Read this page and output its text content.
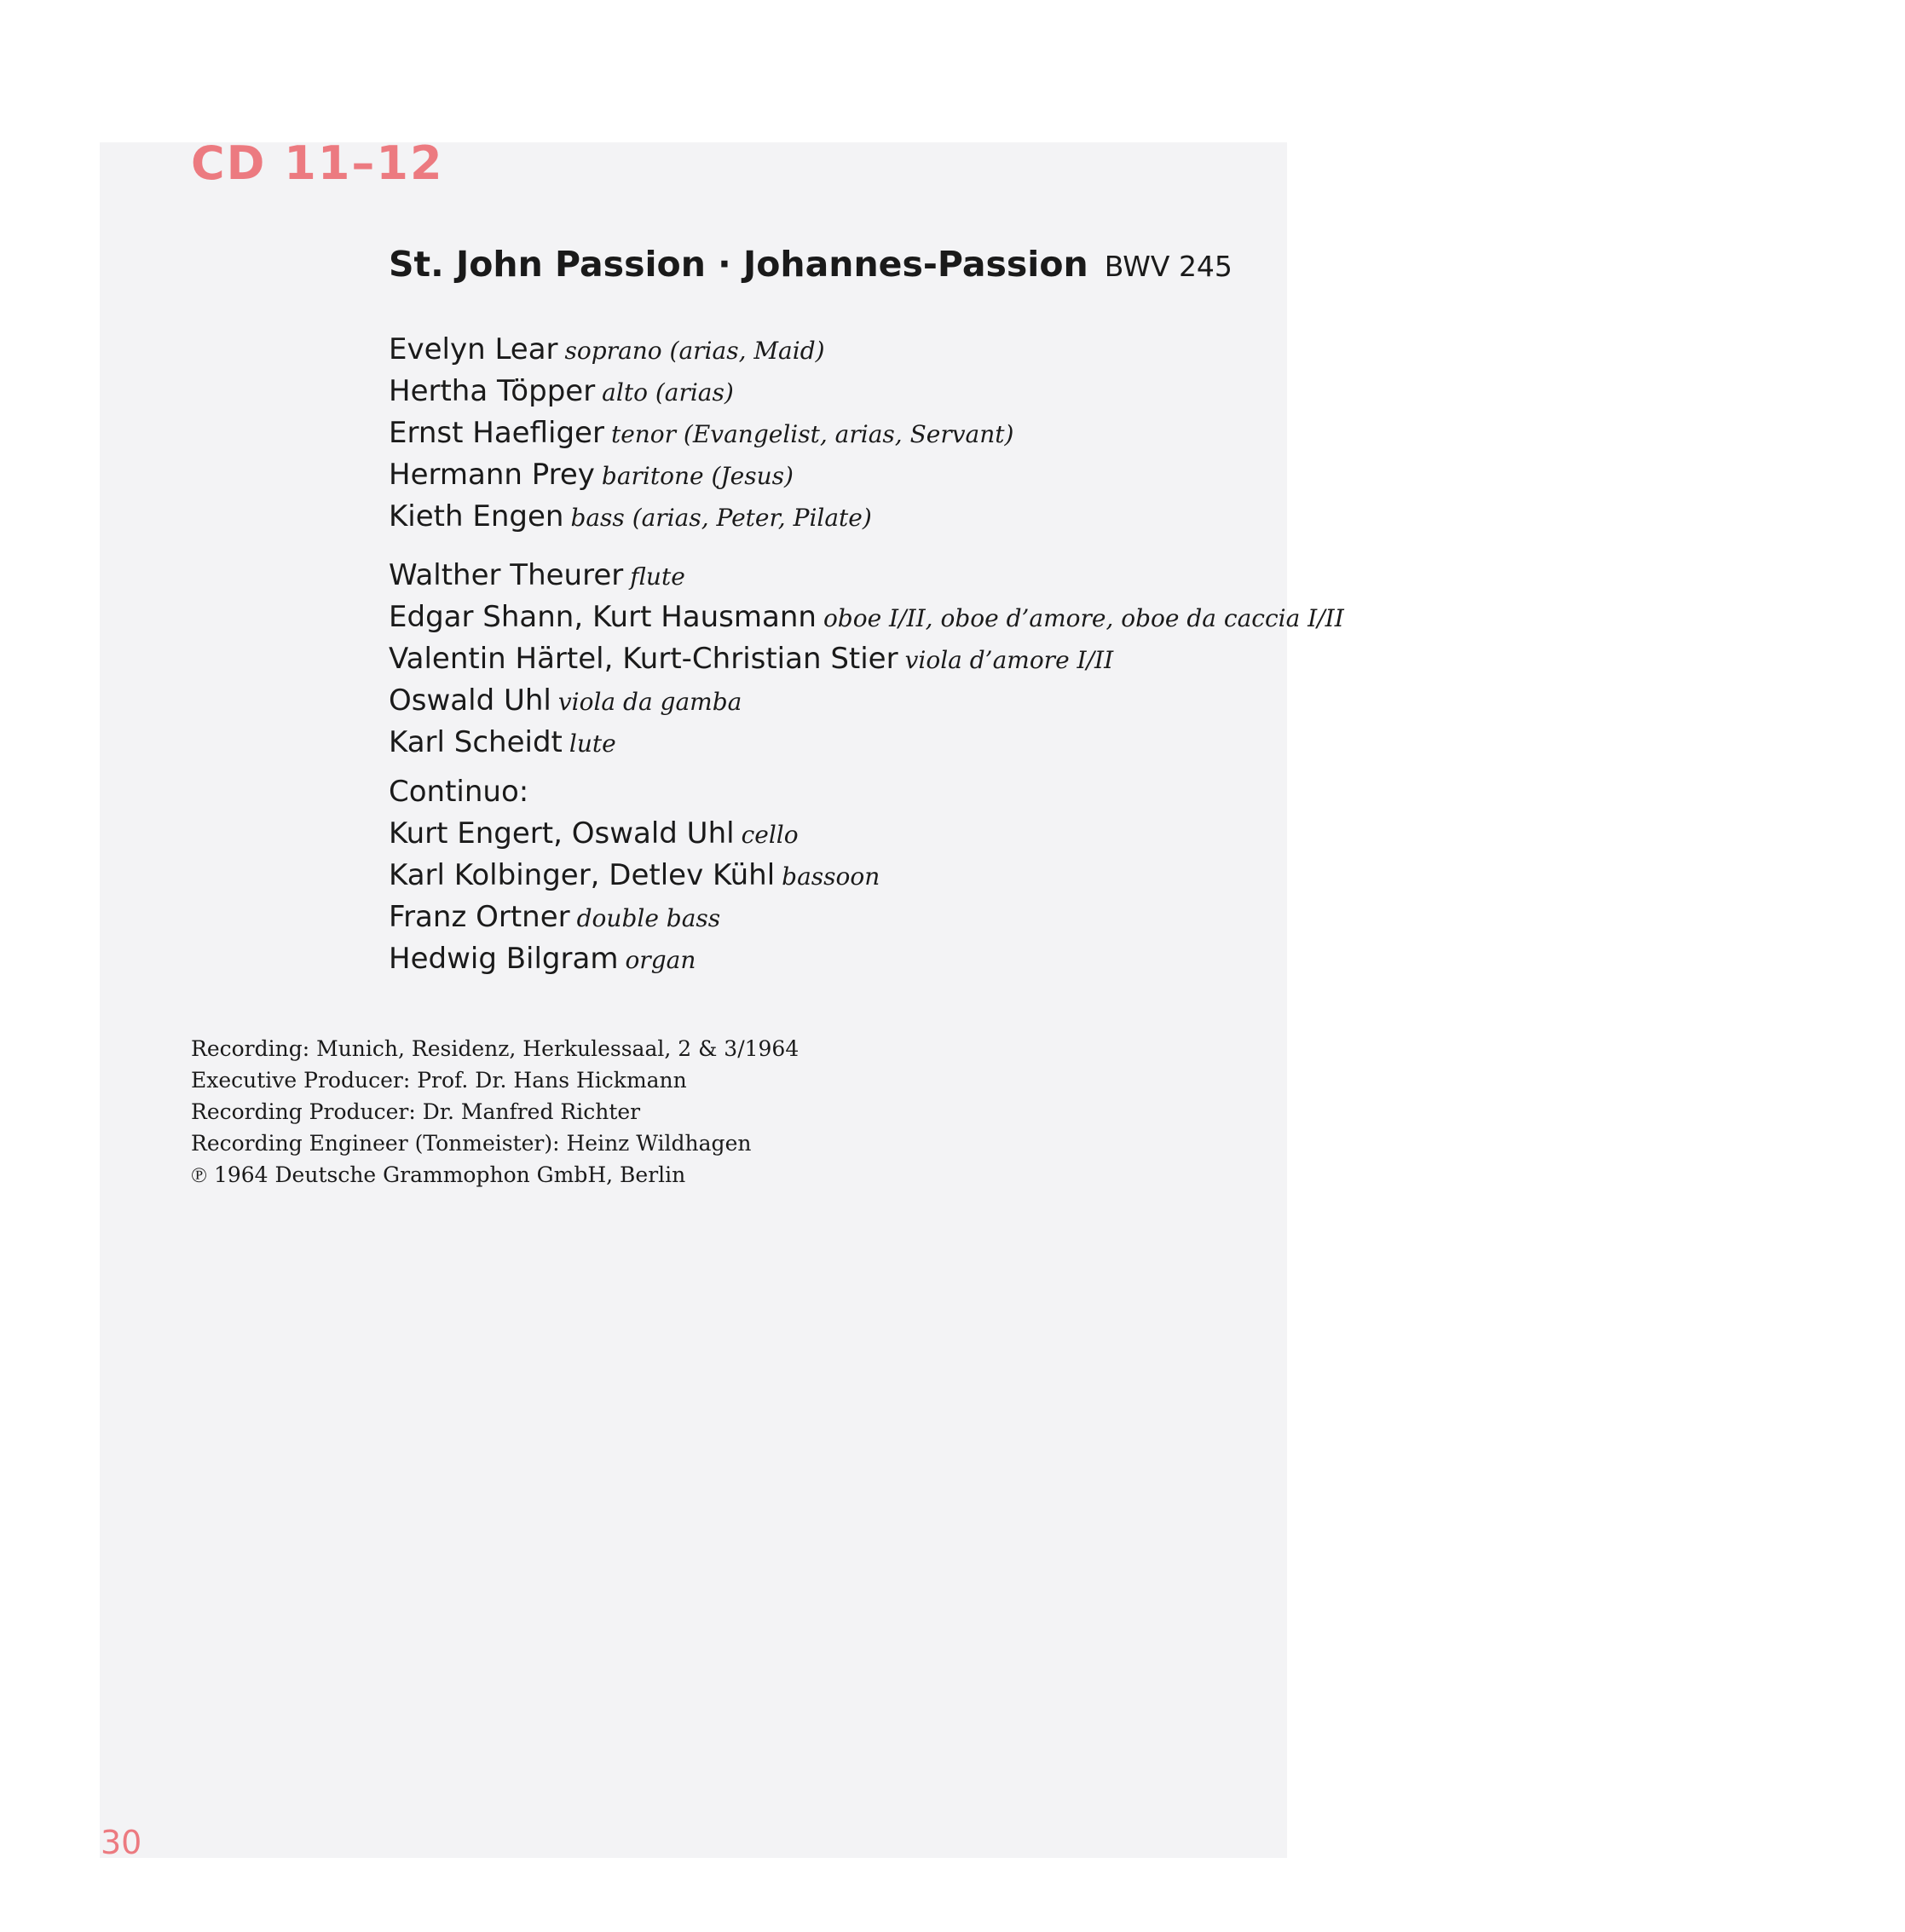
CD 11–12
St. John Passion · Johannes-Passion BWV 245
Evelyn Lear soprano (arias, Maid)
Hertha Töpper alto (arias)
Ernst Haefliger tenor (Evangelist, arias, Servant)
Hermann Prey baritone (Jesus)
Kieth Engen bass (arias, Peter, Pilate)
Walther Theurer flute
Edgar Shann, Kurt Hausmann oboe I/II, oboe d’amore, oboe da caccia I/II
Valentin Härtel, Kurt-Christian Stier viola d’amore I/II
Oswald Uhl viola da gamba
Karl Scheidt lute
Continuo:
Kurt Engert, Oswald Uhl cello
Karl Kolbinger, Detlev Kühl bassoon
Franz Ortner double bass
Hedwig Bilgram organ
Recording: Munich, Residenz, Herkulessaal, 2 & 3/1964
Executive Producer: Prof. Dr. Hans Hickmann
Recording Producer: Dr. Manfred Richter
Recording Engineer (Tonmeister): Heinz Wildhagen
℗ 1964 Deutsche Grammophon GmbH, Berlin
30
